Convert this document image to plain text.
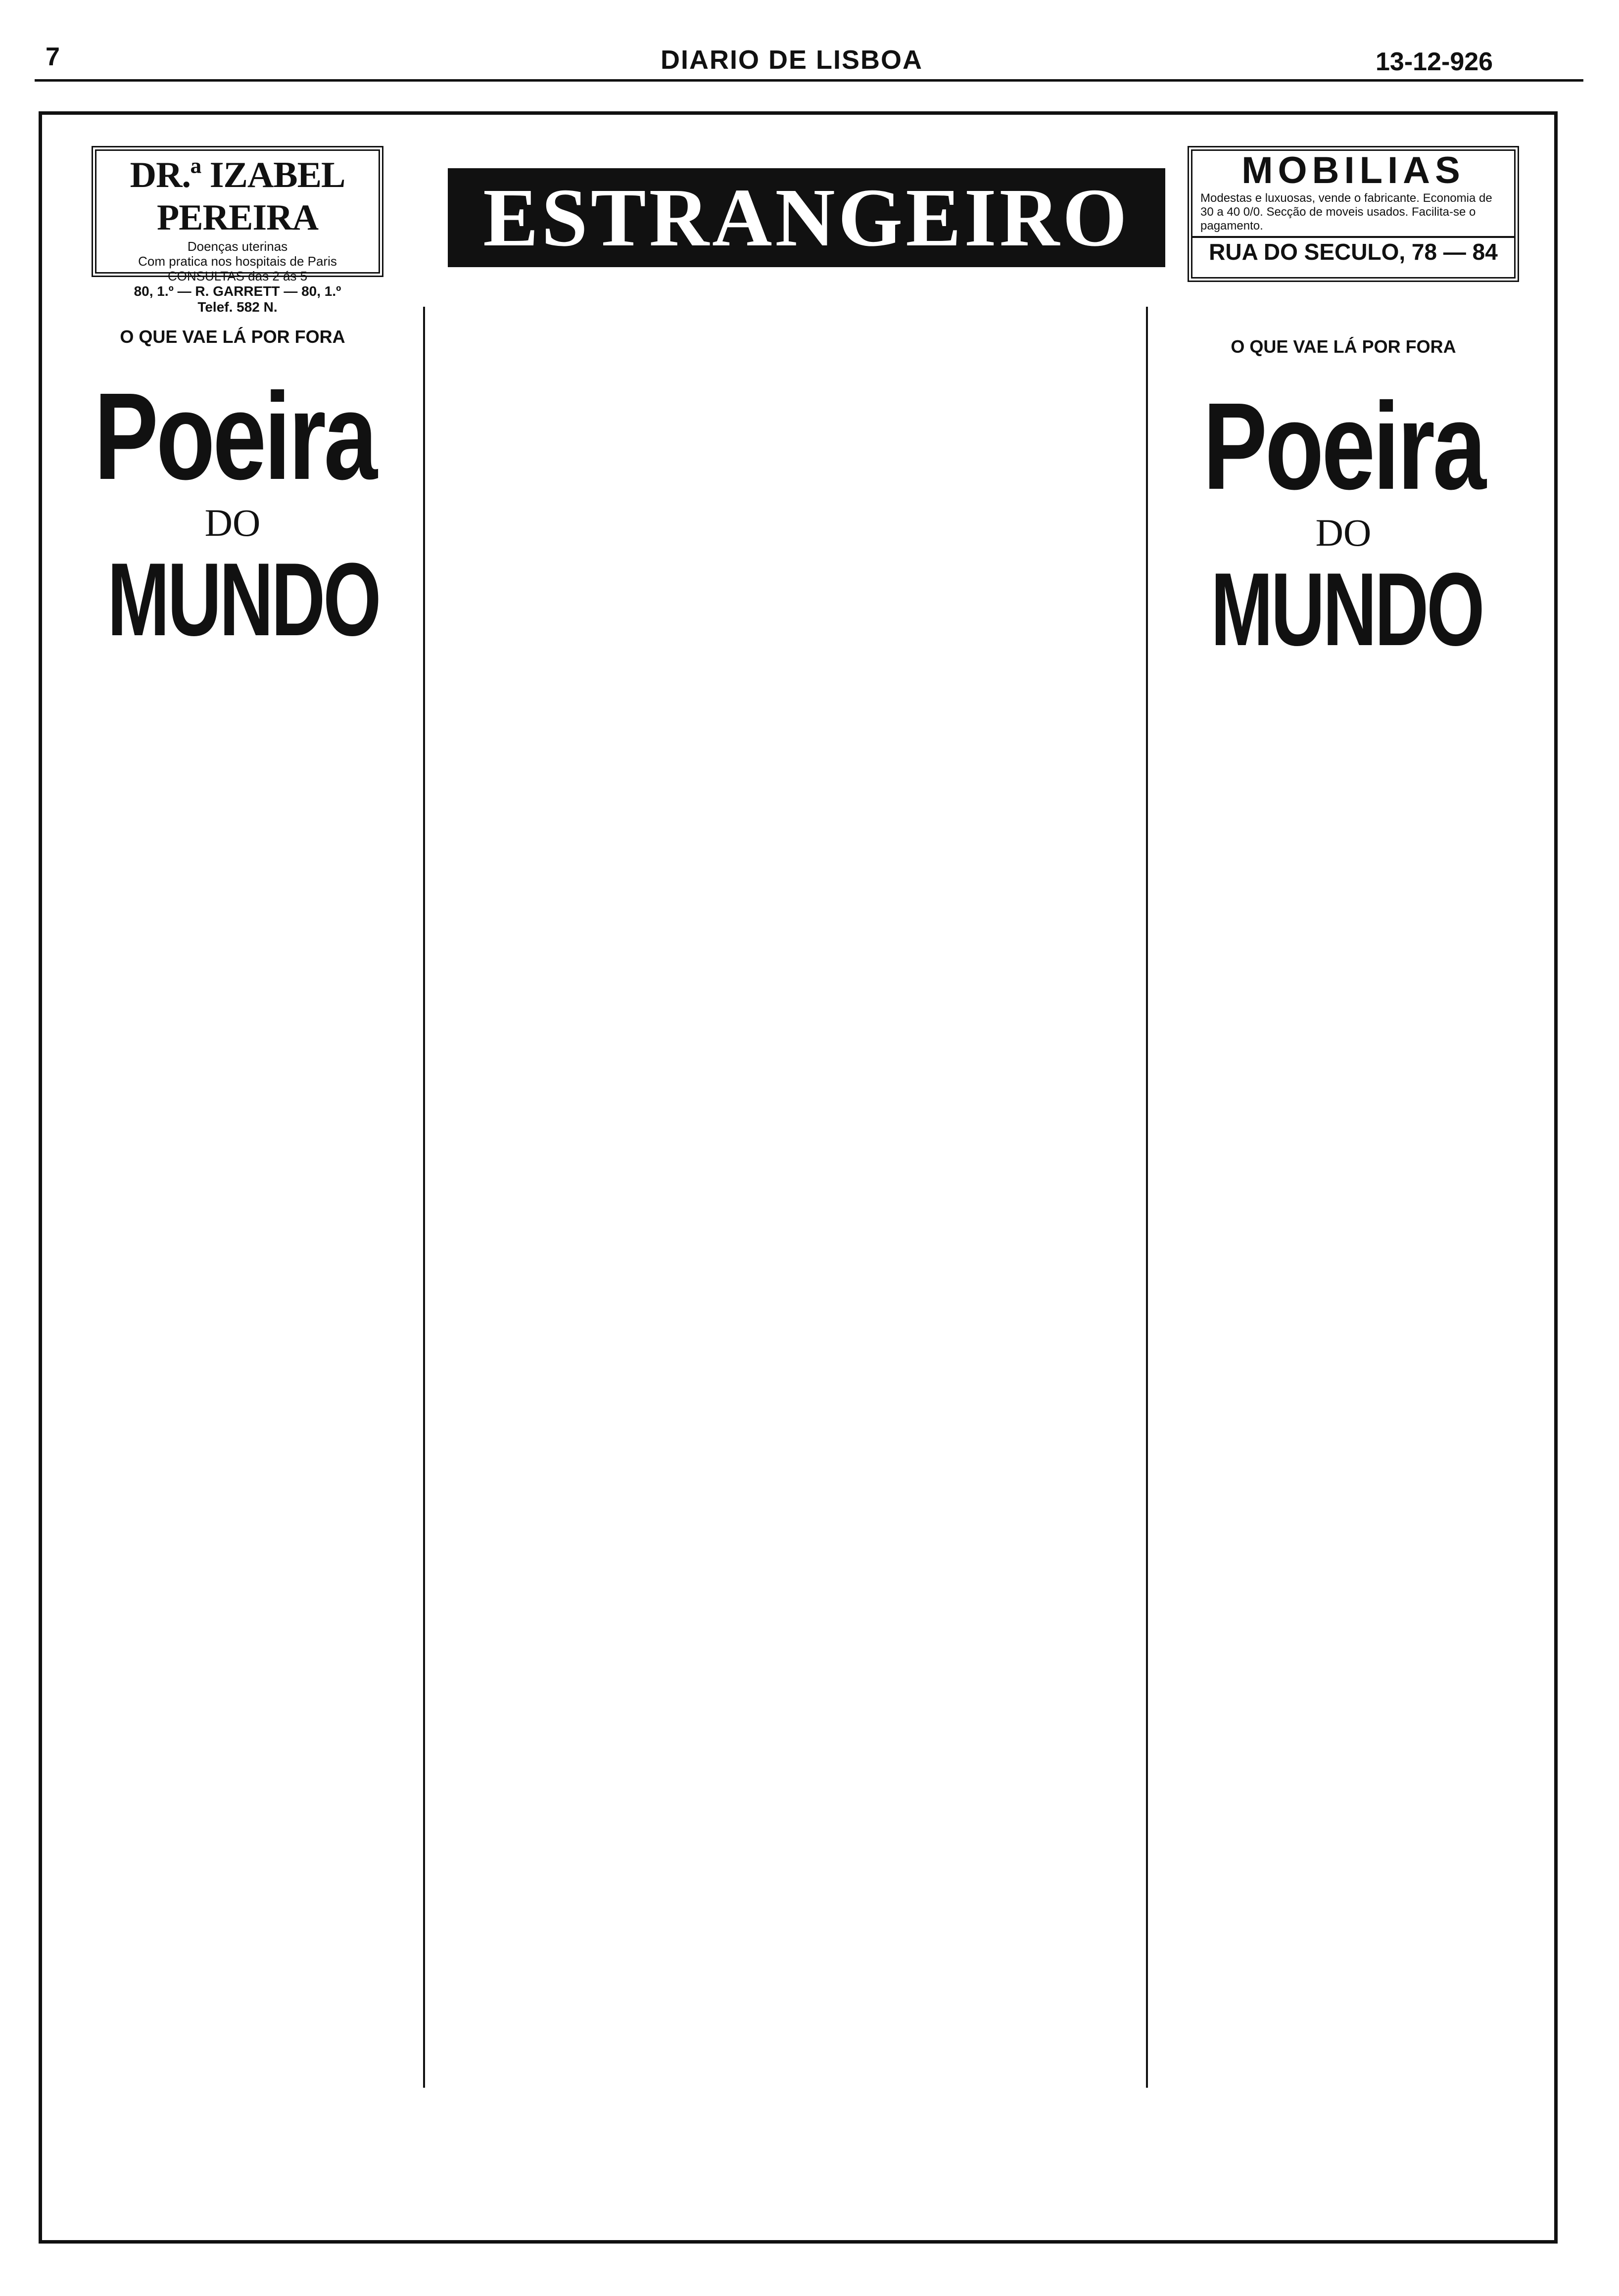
7	DIARIO DE LISBOA	13-12-926
DR.ª IZABEL PEREIRA
Doenças uterinas
Com pratica nos hospitais de Paris
CONSULTAS das 2 ás 5
80, 1.º — R. GARRETT — 80, 1.º
Telef. 582 N.
ESTRANGEIRO
MOBILIAS
Modestas e luxuosas, vende o fabricante. Economia de 30 a 40 0/0. Secção de moveis usados. Facilita-se o pagamento.
RUA DO SECULO, 78 — 84
O QUE VAE LÁ POR FORA
Poeira
DO
MUNDO
O QUE VAE LÁ POR FORA
Poeira
DO
MUNDO
